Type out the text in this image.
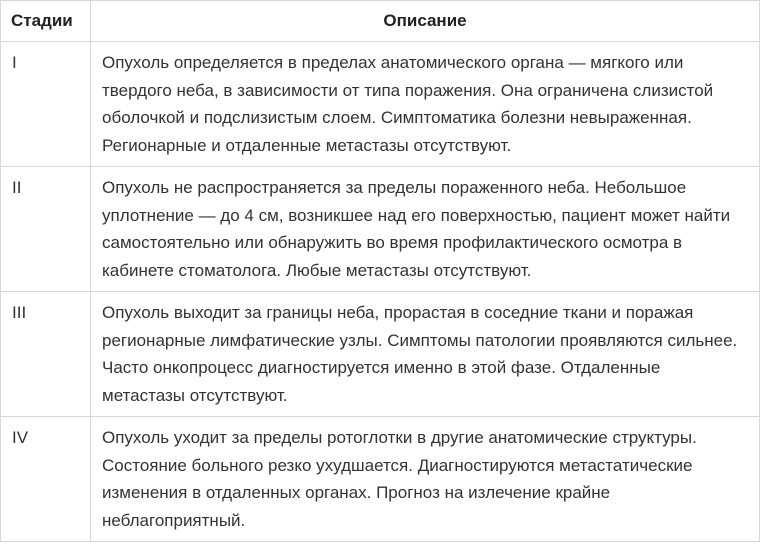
Стадии	Описание
I	Опухоль определяется в пределах анатомического органа — мягкого или твердого неба, в зависимости от типа поражения. Она ограничена слизистой оболочкой и подслизистым слоем. Симптоматика болезни невыраженная. Регионарные и отдаленные метастазы отсутствуют.
II	Опухоль не распространяется за пределы пораженного неба. Небольшое уплотнение — до 4 см, возникшее над его поверхностью, пациент может найти самостоятельно или обнаружить во время профилактического осмотра в кабинете стоматолога. Любые метастазы отсутствуют.
III	Опухоль выходит за границы неба, прорастая в соседние ткани и поражая регионарные лимфатические узлы. Симптомы патологии проявляются сильнее. Часто онкопроцесс диагностируется именно в этой фазе. Отдаленные метастазы отсутствуют.
IV	Опухоль уходит за пределы ротоглотки в другие анатомические структуры. Состояние больного резко ухудшается. Диагностируются метастатические изменения в отдаленных органах. Прогноз на излечение крайне неблагоприятный.
